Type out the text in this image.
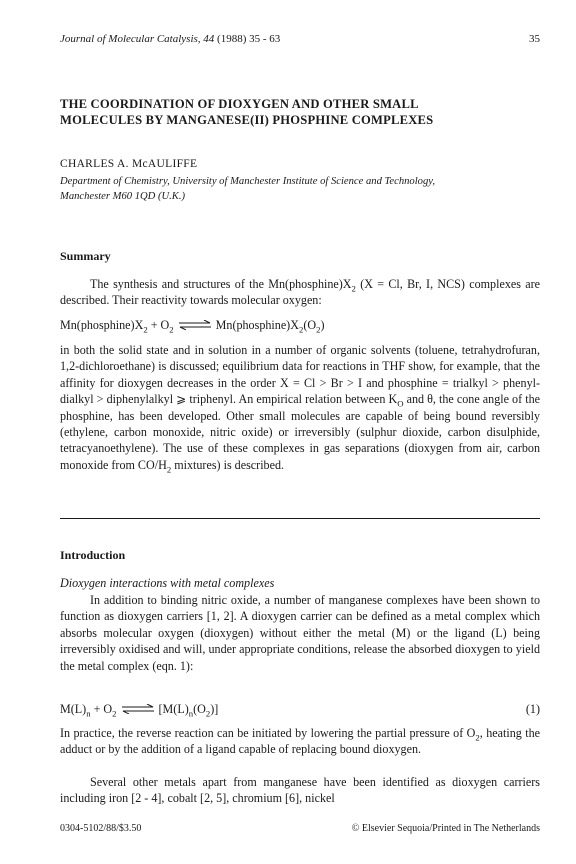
Journal of Molecular Catalysis, 44 (1988) 35 - 63	35
THE COORDINATION OF DIOXYGEN AND OTHER SMALL
MOLECULES BY MANGANESE(II) PHOSPHINE COMPLEXES
CHARLES A. McAULIFFE
Department of Chemistry, University of Manchester Institute of Science and Technology,
Manchester M60 1QD (U.K.)
Summary
The synthesis and structures of the $Mn(phosphine)X_2$ (X = Cl, Br, I, NCS) complexes are described. Their reactivity towards molecular oxygen:
$Mn(phosphine)X_2 + O_2$ ⇌ $Mn(phosphine)X_2(O_2)$
in both the solid state and in solution in a number of organic solvents (toluene, tetrahydrofuran, 1,2-dichloroethane) is discussed; equilibrium data for reactions in THF show, for example, that the affinity for dioxygen decreases in the order X = Cl > Br > I and phosphine = trialkyl > phenyl-dialkyl > diphenylalkyl ⩾ triphenyl. An empirical relation between $K_O$ and θ, the cone angle of the phosphine, has been developed. Other small molecules are capable of being bound reversibly (ethylene, carbon monoxide, nitric oxide) or irreversibly (sulphur dioxide, carbon disulphide, tetracyanoethylene). The use of these complexes in gas separations (dioxygen from air, carbon monoxide from $CO/H_2$ mixtures) is described.
Introduction
Dioxygen interactions with metal complexes
In addition to binding nitric oxide, a number of manganese complexes have been shown to function as dioxygen carriers [1, 2]. A dioxygen carrier can be defined as a metal complex which absorbs molecular oxygen (dioxygen) without either the metal (M) or the ligand (L) being irreversibly oxidised and will, under appropriate conditions, release the absorbed dioxygen to yield the metal complex (eqn. 1):
$M(L)_n + O_2$ ⇌ $[M(L)_n(O_2)]$	(1)
In practice, the reverse reaction can be initiated by lowering the partial pressure of $O_2$, heating the adduct or by the addition of a ligand capable of replacing bound dioxygen.
Several other metals apart from manganese have been identified as dioxygen carriers including iron [2 - 4], cobalt [2, 5], chromium [6], nickel
0304-5102/88/$3.50	© Elsevier Sequoia/Printed in The Netherlands
